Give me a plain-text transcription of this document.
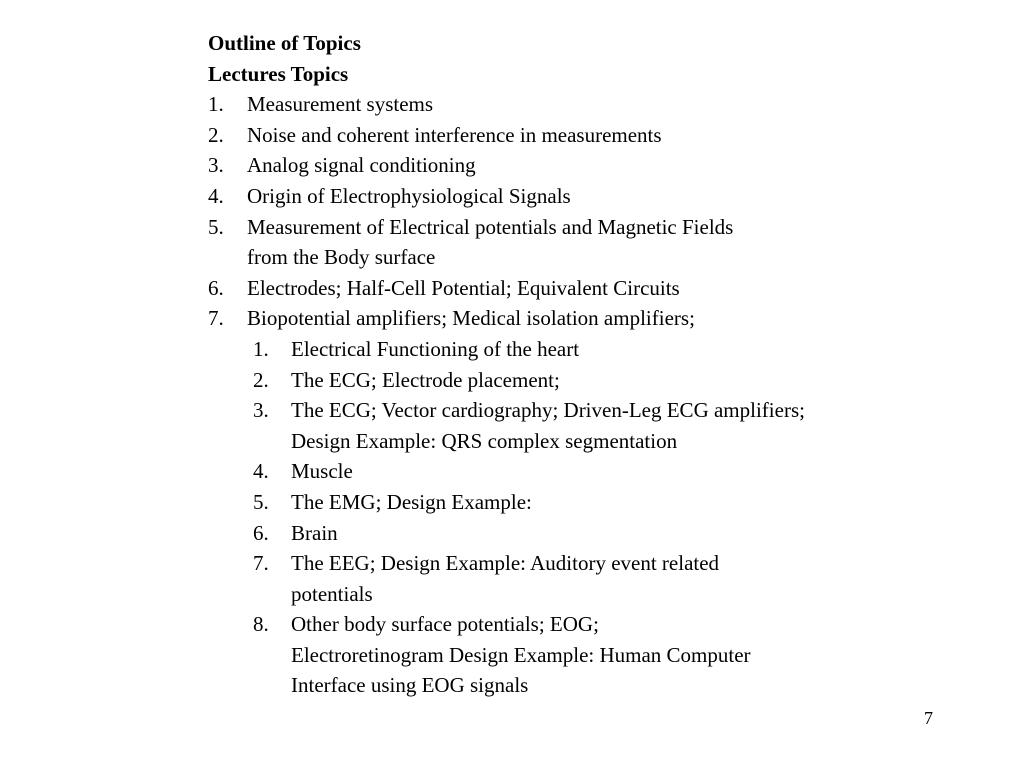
Outline of Topics
Lectures Topics
1. Measurement systems
2. Noise and coherent interference in measurements
3. Analog signal conditioning
4. Origin of Electrophysiological Signals
5. Measurement of Electrical potentials and Magnetic Fields from the Body surface
6. Electrodes; Half-Cell Potential; Equivalent Circuits
7. Biopotential amplifiers; Medical isolation amplifiers;
1. Electrical Functioning of the heart
2. The ECG; Electrode placement;
3. The ECG; Vector cardiography; Driven-Leg ECG amplifiers; Design Example: QRS complex segmentation
4. Muscle
5. The EMG; Design Example:
6. Brain
7. The EEG; Design Example: Auditory event related potentials
8. Other body surface potentials; EOG; Electroretinogram Design Example: Human Computer Interface using EOG signals
7
